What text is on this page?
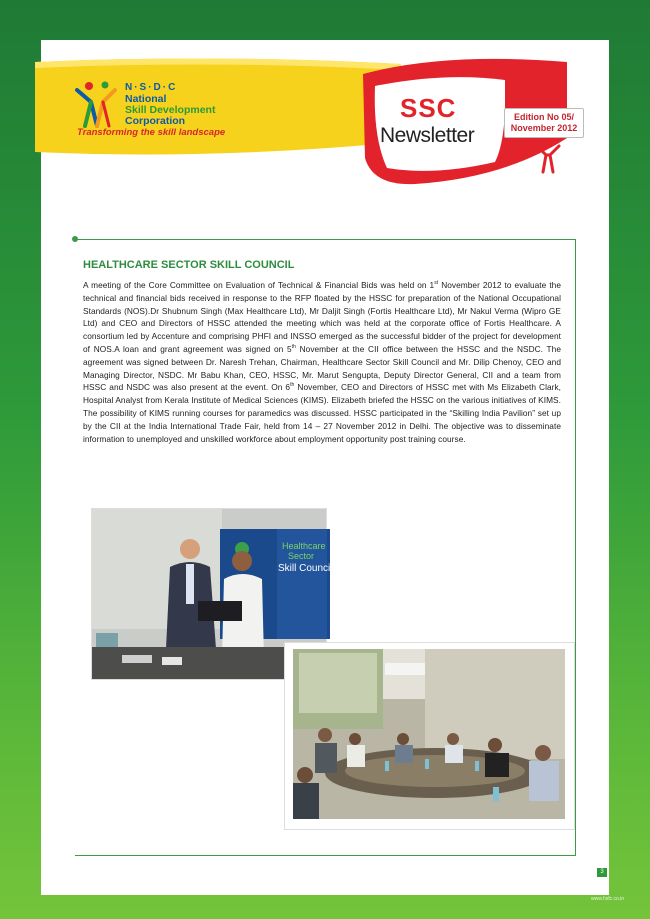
N·S·D·C
National
Skill Development
Corporation
Transforming the skill landscape
SSC
Newsletter
Edition No 05/
November 2012
HEALTHCARE SECTOR SKILL COUNCIL
A meeting of the Core Committee on Evaluation of Technical & Financial Bids was held on 1st November 2012 to evaluate the technical and financial bids received in response to the RFP floated by the HSSC for preparation of the National Occupational Standards (NOS).Dr Shubnum Singh (Max Healthcare Ltd), Mr Daljit Singh (Fortis Healthcare Ltd), Mr Nakul Verma (Wipro GE Ltd) and CEO and Directors of HSSC attended the meeting which was held at the corporate office of Fortis Healthcare. A consortium led by Accenture and comprising PHFI and INSSO emerged as the successful bidder of the project for development of NOS.A loan and grant agreement was signed on 5th November at the CII office between the HSSC and the NSDC. The agreement was signed between Dr. Naresh Trehan, Chairman, Healthcare Sector Skill Council and Mr. Dilip Chenoy, CEO and Managing Director, NSDC. Mr Babu Khan, CEO, HSSC, Mr. Marut Sengupta, Deputy Director General, CII and a team from HSSC and NSDC was also present at the event. On 6th November, CEO and Directors of HSSC met with Ms Elizabeth Clark, Hospital Analyst from Kerala Institute of Medical Sciences (KIMS). Elizabeth briefed the HSSC on the various initiatives of KIMS. The possibility of KIMS running courses for paramedics was discussed. HSSC participated in the “Skilling India Pavilion” set up by the CII at the India International Trade Fair, held from 14 – 27 November 2012 in Delhi. The objective was to disseminate information to unemployed and unskilled workforce about employment opportunity post training course.
Healthcare
Sector
Skill Council
3
www.hsfc.co.in
